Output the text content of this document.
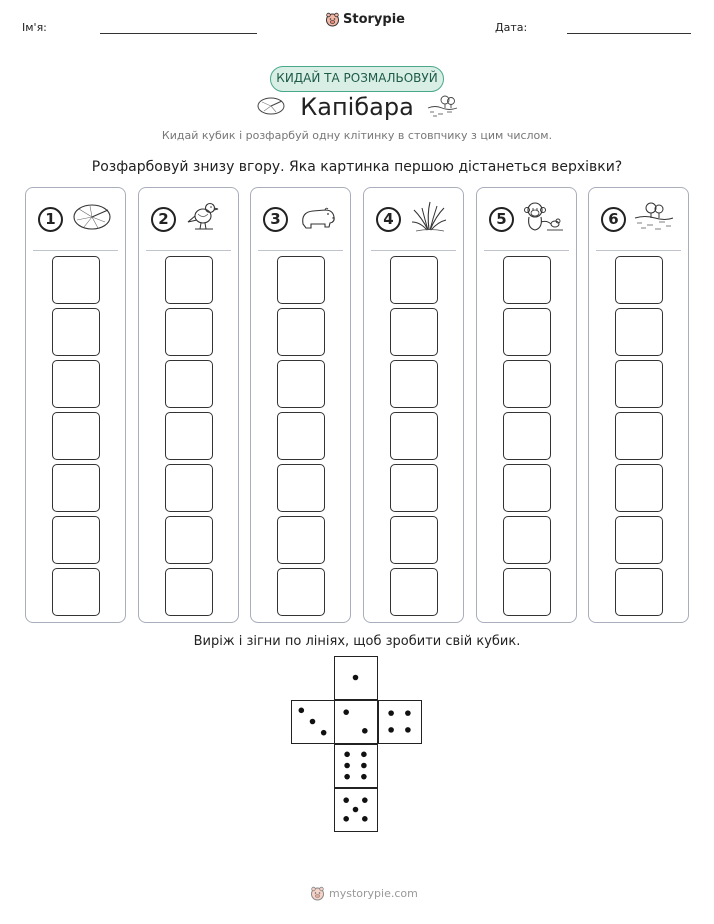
Ім'я:
Storypie
Дата:
КИДАЙ ТА РОЗМАЛЬОВУЙ
Капібара
Кидай кубик і розфарбуй одну клітинку в стовпчику з цим числом.
Розфарбовуй знизу вгору. Яка картинка першою дістанеться верхівки?
1	2	3	4	5	6
Виріж і зігни по лініях, щоб зробити свій кубик.
mystorypie.com
